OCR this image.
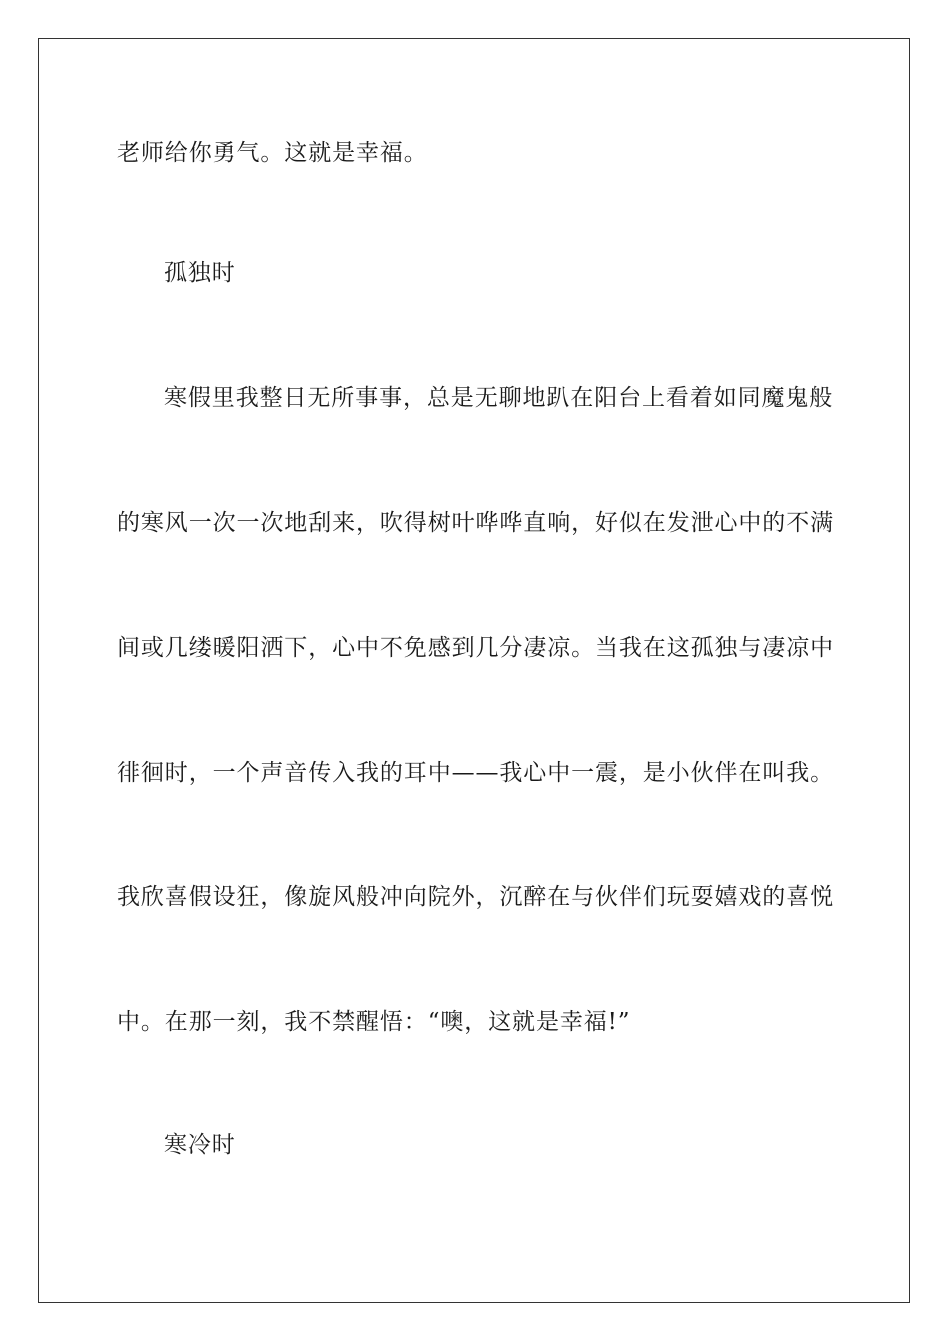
老师给你勇气。这就是幸福。
孤独时
寒假里我整日无所事事，总是无聊地趴在阳台上看着如同魔鬼般
的寒风一次一次地刮来，吹得树叶哗哗直响，好似在发泄心中的不满
间或几缕暖阳洒下，心中不免感到几分凄凉。当我在这孤独与凄凉中
徘徊时，一个声音传入我的耳中——我心中一震，是小伙伴在叫我。
我欣喜假设狂，像旋风般冲向院外，沉醉在与伙伴们玩耍嬉戏的喜悦
中。在那一刻，我不禁醒悟：“噢，这就是幸福!”
寒冷时
